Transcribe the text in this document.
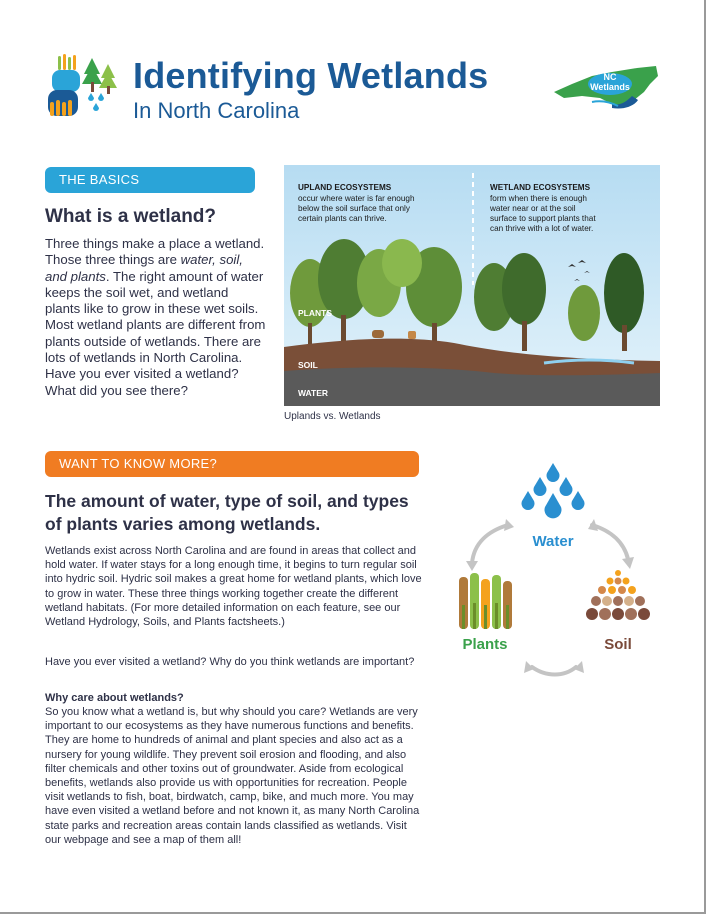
Identifying Wetlands
In North Carolina
NC
Wetlands
THE BASICS
What is a wetland?
Three things make a place a wetland. Those three things are water, soil, and plants. The right amount of water keeps the soil wet, and wetland plants like to grow in these wet soils. Most wetland plants are different from plants outside of wetlands. There are lots of wetlands in North Carolina. Have you ever visited a wetland? What did you see there?
UPLAND ECOSYSTEMS
occur where water is far enough
below the soil surface that only
certain plants can thrive.
WETLAND ECOSYSTEMS
form when there is enough
water near or at the soil
surface to support plants that
can thrive with a lot of water.
PLANTS
SOIL
WATER
Uplands vs. Wetlands
WANT TO KNOW MORE?
The amount of water, type of soil, and types of plants varies among wetlands.
Wetlands exist across North Carolina and are found in areas that collect and hold water. If water stays for a long enough time, it begins to turn regular soil into hydric soil. Hydric soil makes a great home for wetland plants, which love to grow in water. These three things working together create the different wetland habitats. (For more detailed information on each feature, see our Wetland Hydrology, Soils, and Plants factsheets.)
Have you ever visited a wetland? Why do you think wetlands are important?
Why care about wetlands?
So you know what a wetland is, but why should you care? Wetlands are very important to our ecosystems as they have numerous functions and benefits. They are home to hundreds of animal and plant species and also act as a nursery for young wildlife. They prevent soil erosion and flooding, and also filter chemicals and other toxins out of groundwater. Aside from ecological benefits, wetlands also provide us with opportunities for recreation. People visit wetlands to fish, boat, birdwatch, camp, bike, and much more. You may have even visited a wetland before and not known it, as many North Carolina state parks and recreation areas contain lands classified as wetlands. Visit our webpage and see a map of them all!
Water
Plants	Soil
